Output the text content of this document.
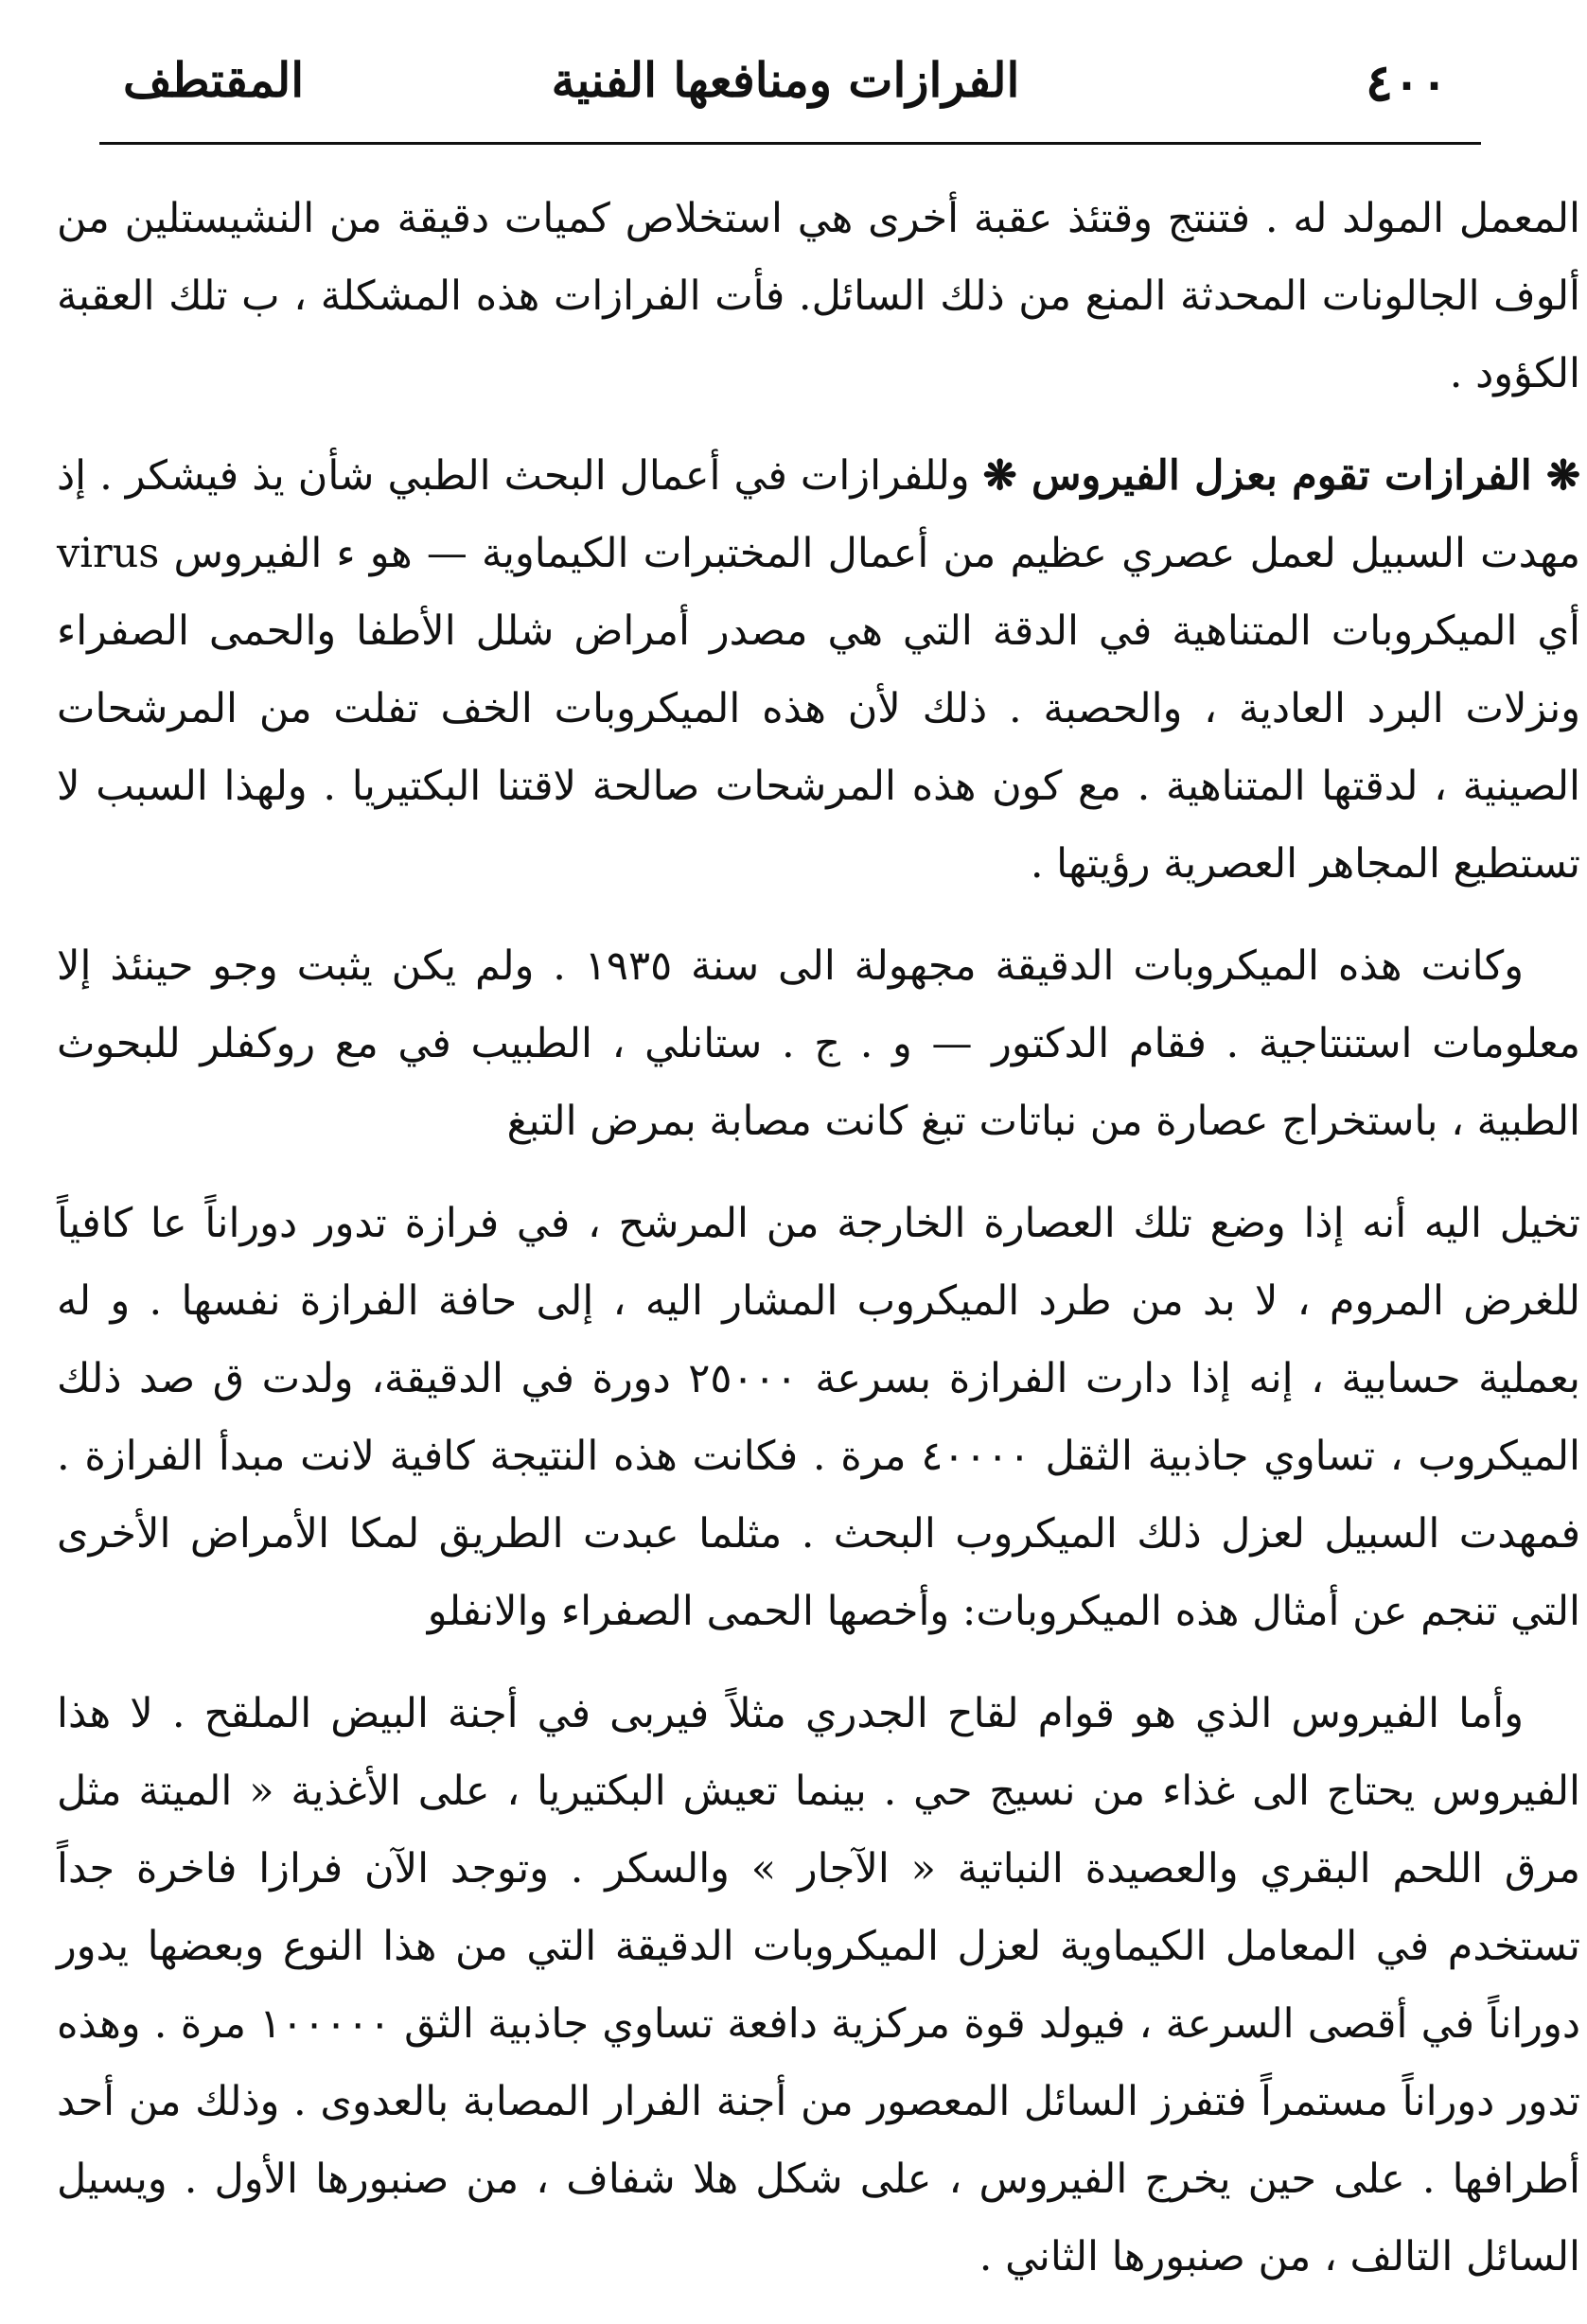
٤٠٠
الفرازات ومنافعها الفنية
المقتطف

المعمل المولد له . فتنتج وقتئذ عقبة أخرى هي استخلاص كميات دقيقة من النشيستلين من ألوف الجالونات المحدثة المنع من ذلك السائل. فأت الفرازات هذه المشكلة ، ب تلك العقبة الكؤود .

❋ الفرازات تقوم بعزل الفيروس ❋ وللفرازات في أعمال البحث الطبي شأن يذ فيشكر . إذ مهدت السبيل لعمل عصري عظيم من أعمال المختبرات الكيماوية — هو ء الفيروس virus أي الميكروبات المتناهية في الدقة التي هي مصدر أمراض شلل الأطفا والحمى الصفراء ونزلات البرد العادية ، والحصبة . ذلك لأن هذه الميكروبات الخف تفلت من المرشحات الصينية ، لدقتها المتناهية . مع كون هذه المرشحات صالحة لاقتنا البكتيريا . ولهذا السبب لا تستطيع المجاهر العصرية رؤيتها .

وكانت هذه الميكروبات الدقيقة مجهولة الى سنة ١٩٣٥ . ولم يكن يثبت وجو حينئذ إلا معلومات استنتاجية . فقام الدكتور — و . ج . ستانلي ، الطبيب في مع روكفلر للبحوث الطبية ، باستخراج عصارة من نباتات تبغ كانت مصابة بمرض التبغ

تخيل اليه أنه إذا وضع تلك العصارة الخارجة من المرشح ، في فرازة تدور دوراناً عا كافياً للغرض المروم ، لا بد من طرد الميكروب المشار اليه ، إلى حافة الفرازة نفسها . و له بعملية حسابية ، إنه إذا دارت الفرازة بسرعة ٢٥٠٠٠ دورة في الدقيقة، ولدت ق صد ذلك الميكروب ، تساوي جاذبية الثقل ٤٠٠٠٠ مرة . فكانت هذه النتيجة كافية لانت مبدأ الفرازة . فمهدت السبيل لعزل ذلك الميكروب البحث . مثلما عبدت الطريق لمكا الأمراض الأخرى التي تنجم عن أمثال هذه الميكروبات: وأخصها الحمى الصفراء والانفلو

وأما الفيروس الذي هو قوام لقاح الجدري مثلاً فيربى في أجنة البيض الملقح . لا هذا الفيروس يحتاج الى غذاء من نسيج حي . بينما تعيش البكتيريا ، على الأغذية « الميتة مثل مرق اللحم البقري والعصيدة النباتية « الآجار » والسكر . وتوجد الآن فرازا فاخرة جداً تستخدم في المعامل الكيماوية لعزل الميكروبات الدقيقة التي من هذا النوع وبعضها يدور دوراناً في أقصى السرعة ، فيولد قوة مركزية دافعة تساوي جاذبية الثق ١٠٠٠٠٠ مرة . وهذه تدور دوراناً مستمراً فتفرز السائل المعصور من أجنة الفرار المصابة بالعدوى . وذلك من أحد أطرافها . على حين يخرج الفيروس ، على شكل هلا شفاف ، من صنبورها الأول . ويسيل السائل التالف ، من صنبورها الثاني .
